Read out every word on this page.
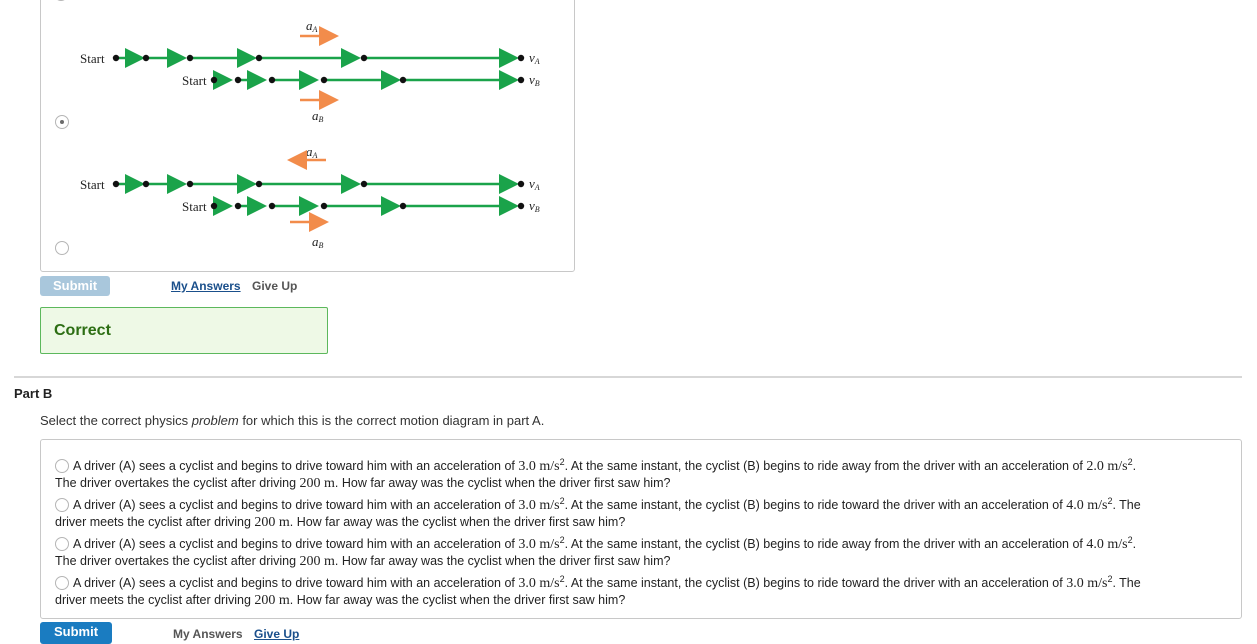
aA
Start	vA
Start	vB
aB
aA
Start	vA
Start	vB
aB
Submit	My Answers Give Up
Correct
Part B
Select the correct physics problem for which this is the correct motion diagram in part A.
A driver (A) sees a cyclist and begins to drive toward him with an acceleration of 3.0 $m/s^2$. At the same instant, the cyclist (B) begins to ride away from the driver with an acceleration of 2.0 $m/s^2$.
The driver overtakes the cyclist after driving 200 m. How far away was the cyclist when the driver first saw him?
A driver (A) sees a cyclist and begins to drive toward him with an acceleration of 3.0 $m/s^2$. At the same instant, the cyclist (B) begins to ride toward the driver with an acceleration of 4.0 $m/s^2$. The
driver meets the cyclist after driving 200 m. How far away was the cyclist when the driver first saw him?
A driver (A) sees a cyclist and begins to drive toward him with an acceleration of 3.0 $m/s^2$. At the same instant, the cyclist (B) begins to ride away from the driver with an acceleration of 4.0 $m/s^2$.
The driver overtakes the cyclist after driving 200 m. How far away was the cyclist when the driver first saw him?
A driver (A) sees a cyclist and begins to drive toward him with an acceleration of 3.0 $m/s^2$. At the same instant, the cyclist (B) begins to ride toward the driver with an acceleration of 3.0 $m/s^2$. The
driver meets the cyclist after driving 200 m. How far away was the cyclist when the driver first saw him?
Submit	My Answers Give Up
